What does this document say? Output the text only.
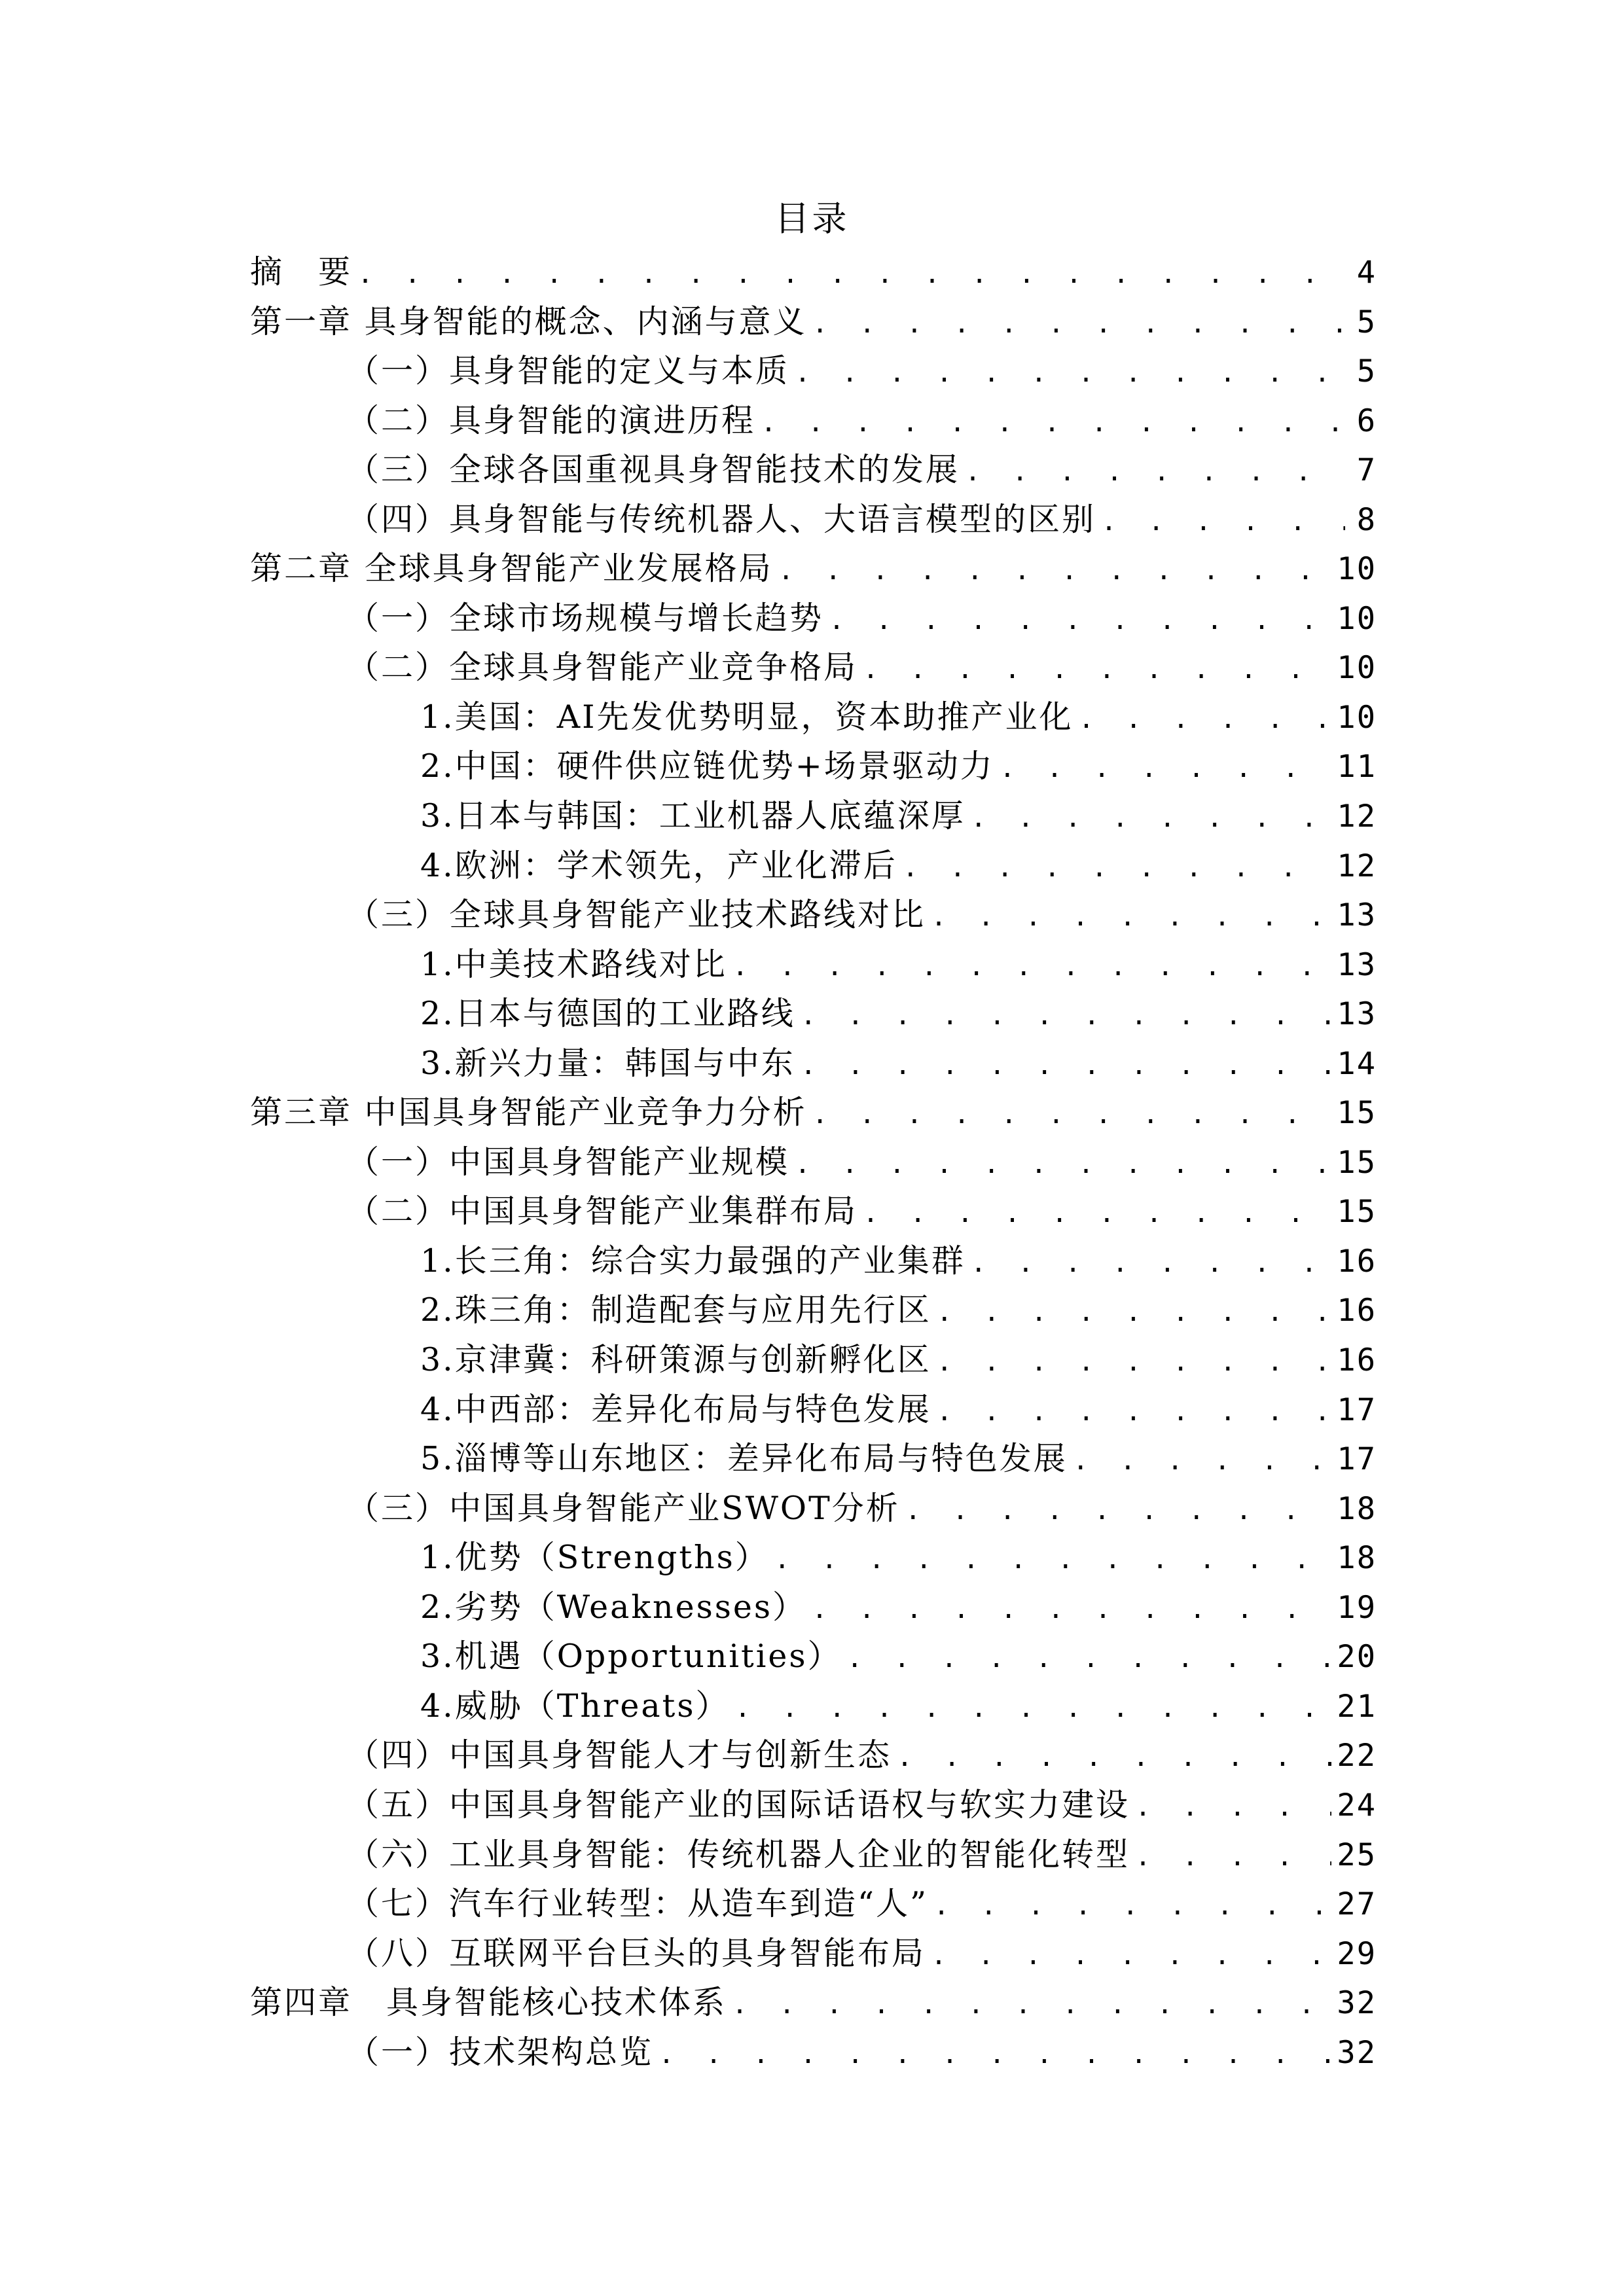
目录
摘　要 . . .	4
第一章 具身智能的概念、内涵与意义 . . .	5
（一）具身智能的定义与本质 . . .	5
（二）具身智能的演进历程 . . .	6
（三）全球各国重视具身智能技术的发展 . . .	7
（四）具身智能与传统机器人、大语言模型的区别 . . .	8
第二章 全球具身智能产业发展格局 . . .	10
（一）全球市场规模与增长趋势 . . .	10
（二）全球具身智能产业竞争格局 . . .	10
1.美国：AI先发优势明显，资本助推产业化 . . .	10
2.中国：硬件供应链优势+场景驱动力 . . .	11
3.日本与韩国：工业机器人底蕴深厚 . . .	12
4.欧洲：学术领先，产业化滞后 . . .	12
（三）全球具身智能产业技术路线对比 . . .	13
1.中美技术路线对比 . . .	13
2.日本与德国的工业路线 . . .	13
3.新兴力量：韩国与中东 . . .	14
第三章 中国具身智能产业竞争力分析 . . .	15
（一）中国具身智能产业规模 . . .	15
（二）中国具身智能产业集群布局 . . .	15
1.长三角：综合实力最强的产业集群 . . .	16
2.珠三角：制造配套与应用先行区 . . .	16
3.京津冀：科研策源与创新孵化区 . . .	16
4.中西部：差异化布局与特色发展 . . .	17
5.淄博等山东地区：差异化布局与特色发展 . . .	17
（三）中国具身智能产业SWOT分析 . . .	18
1.优势（Strengths） . . .	18
2.劣势（Weaknesses） . . .	19
3.机遇（Opportunities） . . .	20
4.威胁（Threats） . . .	21
（四）中国具身智能人才与创新生态 . . .	22
（五）中国具身智能产业的国际话语权与软实力建设 . . .	24
（六）工业具身智能：传统机器人企业的智能化转型 . . .	25
（七）汽车行业转型：从造车到造“人” . . .	27
（八）互联网平台巨头的具身智能布局 . . .	29
第四章　具身智能核心技术体系 . . .	32
（一）技术架构总览 . . .	32
